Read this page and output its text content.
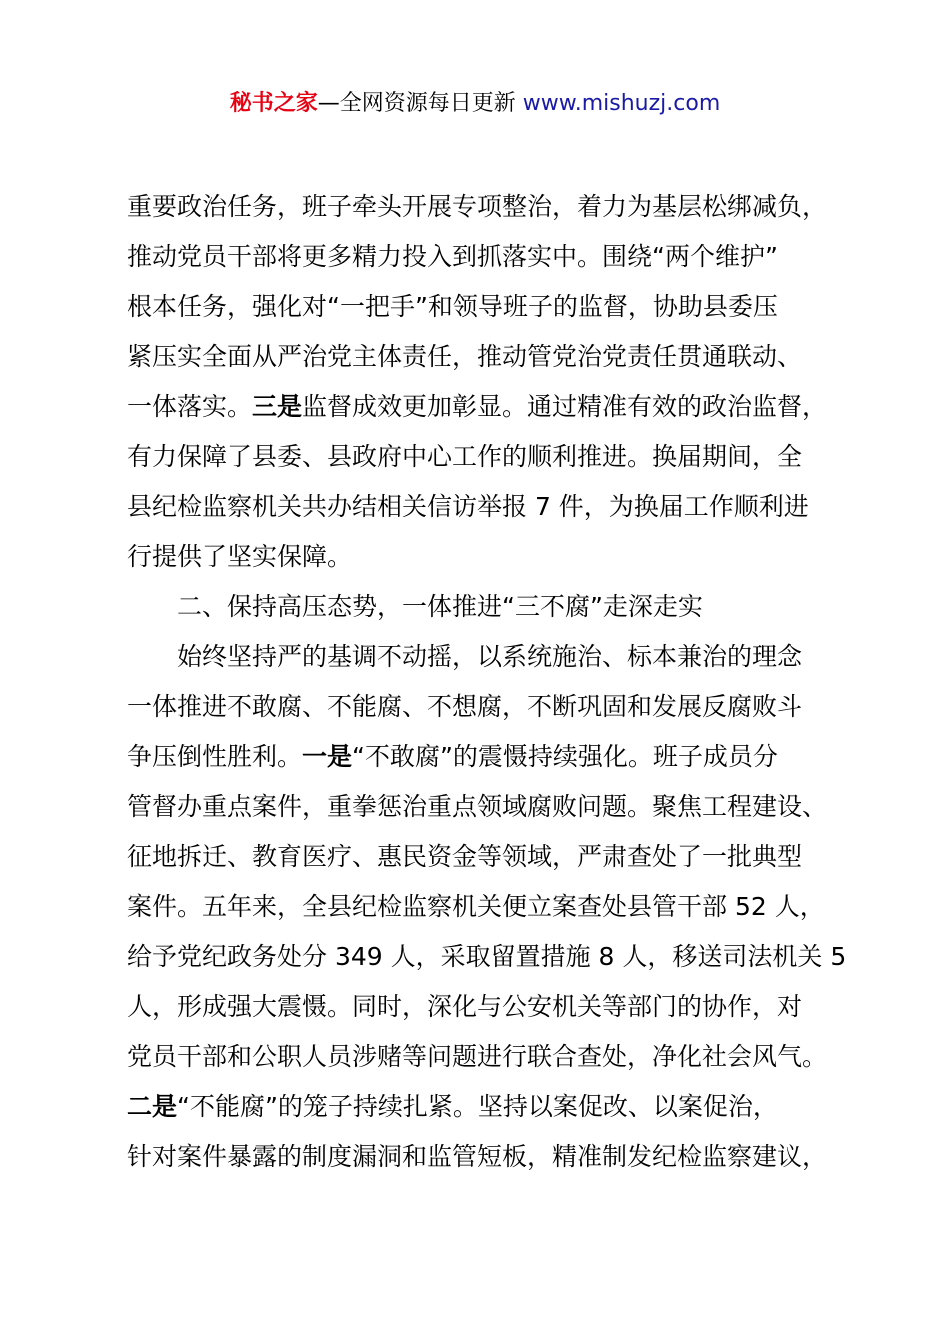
秘书之家—全网资源每日更新 www.mishuzj.com
重要政治任务，班子牵头开展专项整治，着力为基层松绑减负，
推动党员干部将更多精力投入到抓落实中。围绕“两个维护”
根本任务，强化对“一把手”和领导班子的监督，协助县委压
紧压实全面从严治党主体责任，推动管党治党责任贯通联动、
一体落实。三是监督成效更加彰显。通过精准有效的政治监督，
有力保障了县委、县政府中心工作的顺利推进。换届期间，全
县纪检监察机关共办结相关信访举报 7 件，为换届工作顺利进
行提供了坚实保障。
二、保持高压态势，一体推进“三不腐”走深走实
始终坚持严的基调不动摇，以系统施治、标本兼治的理念
一体推进不敢腐、不能腐、不想腐，不断巩固和发展反腐败斗
争压倒性胜利。一是“不敢腐”的震慑持续强化。班子成员分
管督办重点案件，重拳惩治重点领域腐败问题。聚焦工程建设、
征地拆迁、教育医疗、惠民资金等领域，严肃查处了一批典型
案件。五年来，全县纪检监察机关便立案查处县管干部 52 人，
给予党纪政务处分 349 人，采取留置措施 8 人，移送司法机关 5
人，形成强大震慑。同时，深化与公安机关等部门的协作，对
党员干部和公职人员涉赌等问题进行联合查处，净化社会风气。
二是“不能腐”的笼子持续扎紧。坚持以案促改、以案促治，
针对案件暴露的制度漏洞和监管短板，精准制发纪检监察建议，
